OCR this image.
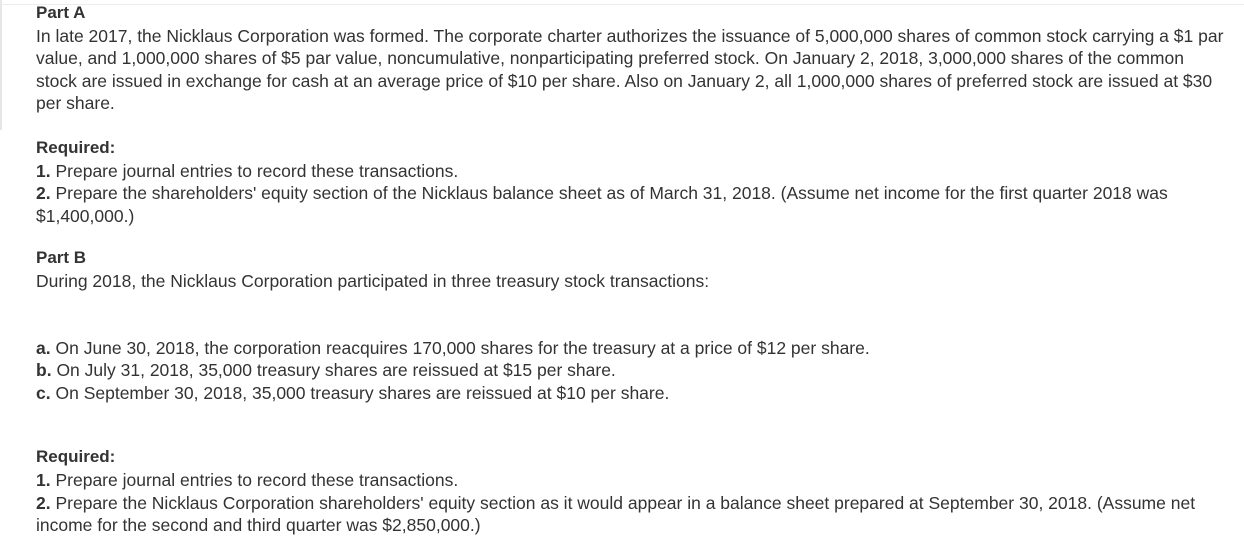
Part A

In late 2017, the Nicklaus Corporation was formed. The corporate charter authorizes the issuance of 5,000,000 shares of common stock carrying a $1 par value, and 1,000,000 shares of $5 par value, noncumulative, nonparticipating preferred stock. On January 2, 2018, 3,000,000 shares of the common stock are issued in exchange for cash at an average price of $10 per share. Also on January 2, all 1,000,000 shares of preferred stock are issued at $30 per share.

Required:

1. Prepare journal entries to record these transactions.

2. Prepare the shareholders' equity section of the Nicklaus balance sheet as of March 31, 2018. (Assume net income for the first quarter 2018 was $1,400,000.)

Part B

During 2018, the Nicklaus Corporation participated in three treasury stock transactions:

a. On June 30, 2018, the corporation reacquires 170,000 shares for the treasury at a price of $12 per share.

b. On July 31, 2018, 35,000 treasury shares are reissued at $15 per share.

c. On September 30, 2018, 35,000 treasury shares are reissued at $10 per share.

Required:

1. Prepare journal entries to record these transactions.

2. Prepare the Nicklaus Corporation shareholders' equity section as it would appear in a balance sheet prepared at September 30, 2018. (Assume net income for the second and third quarter was $2,850,000.)
